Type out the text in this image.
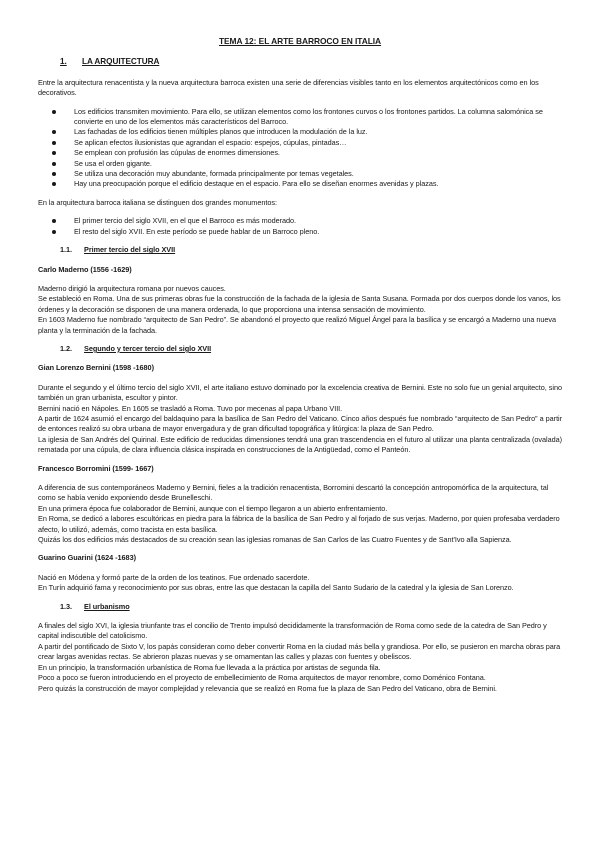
TEMA 12: EL ARTE BARROCO EN ITALIA
1.	LA ARQUITECTURA

Entre la arquitectura renacentista y la nueva arquitectura barroca existen una serie de diferencias visibles tanto en los elementos arquitectónicos como en los decorativos.

Los edificios transmiten movimiento. Para ello, se utilizan elementos como los frontones curvos o los frontones partidos. La columna salomónica se convierte en uno de los elementos más característicos del Barroco.
Las fachadas de los edificios tienen múltiples planos que introducen la modulación de la luz.
Se aplican efectos ilusionistas que agrandan el espacio: espejos, cúpulas, pintadas…
Se emplean con profusión las cúpulas de enormes dimensiones.
Se usa el orden gigante.
Se utiliza una decoración muy abundante, formada principalmente por temas vegetales.
Hay una preocupación porque el edificio destaque en el espacio. Para ello se diseñan enormes avenidas y plazas.

En la arquitectura barroca italiana se distinguen dos grandes monumentos:

El primer tercio del siglo XVII, en el que el Barroco es más moderado.
El resto del siglo XVII. En este período se puede hablar de un Barroco pleno.
1.1.	Primer tercio del siglo XVII
Carlo Maderno (1556 -1629)

Maderno dirigió la arquitectura romana por nuevos cauces.

Se estableció en Roma. Una de sus primeras obras fue la construcción de la fachada de la iglesia de Santa Susana. Formada por dos cuerpos donde los vanos, los órdenes y la decoración se disponen de una manera ordenada, lo que proporciona una intensa sensación de movimiento.

En 1603 Maderno fue nombrado “arquitecto de San Pedro”. Se abandonó el proyecto que realizó Miguel Ángel para la basílica y se encargó a Maderno una nueva planta y la terminación de la fachada.

1.2.	Segundo y tercer tercio del siglo XVII
Gian Lorenzo Bernini (1598 -1680)

Durante el segundo y el último tercio del siglo XVII, el arte italiano estuvo dominado por la excelencia creativa de Bernini. Este no solo fue un genial arquitecto, sino también un gran urbanista, escultor y pintor.

Bernini nació en Nápoles. En 1605 se trasladó a Roma. Tuvo por mecenas al papa Urbano VIII.

A partir de 1624 asumió el encargo del baldaquino para la basílica de San Pedro del Vaticano. Cinco años después fue nombrado “arquitecto de San Pedro” a partir de entonces realizó su obra urbana de mayor envergadura y de gran dificultad topográfica y litúrgica: la plaza de San Pedro.

La iglesia de San Andrés del Quirinal. Este edificio de reducidas dimensiones tendrá una gran trascendencia en el futuro al utilizar una planta centralizada (ovalada) rematada por una cúpula, de clara influencia clásica inspirada en construcciones de la Antigüedad, como el Panteón.

Francesco Borromini (1599- 1667)

A diferencia de sus contemporáneos Maderno y Bernini, fieles a la tradición renacentista, Borromini descartó la concepción antropomórfica de la arquitectura, tal como se había venido exponiendo desde Brunelleschi.

En una primera época fue colaborador de Bernini, aunque con el tiempo llegaron a un abierto enfrentamiento.

En Roma, se dedicó a labores escultóricas en piedra para la fábrica de la basílica de San Pedro y al forjado de sus verjas. Maderno, por quien profesaba verdadero afecto, lo utilizó, además, como tracista en esta basílica.

Quizás los dos edificios más destacados de su creación sean las iglesias romanas de San Carlos de las Cuatro Fuentes y de Sant'Ivo alla Sapienza.

Guarino Guarini (1624 -1683)

Nació en Módena y formó parte de la orden de los teatinos. Fue ordenado sacerdote.

En Turín adquirió fama y reconocimiento por sus obras, entre las que destacan la capilla del Santo Sudario de la catedral y la iglesia de San Lorenzo.

1.3.	El urbanismo

A finales del siglo XVI, la iglesia triunfante tras el concilio de Trento impulsó decididamente la transformación de Roma como sede de la catedra de San Pedro y capital indiscutible del catolicismo.

A partir del pontificado de Sixto V, los papás consideran como deber convertir Roma en la ciudad más bella y grandiosa. Por ello, se pusieron en marcha obras para crear largas avenidas rectas. Se abrieron plazas nuevas y se ornamentan las calles y plazas con fuentes y obeliscos.

En un principio, la transformación urbanística de Roma fue llevada a la práctica por artistas de segunda fila.

Poco a poco se fueron introduciendo en el proyecto de embellecimiento de Roma arquitectos de mayor renombre, como Doménico Fontana.

Pero quizás la construcción de mayor complejidad y relevancia que se realizó en Roma fue la plaza de San Pedro del Vaticano, obra de Bernini.
